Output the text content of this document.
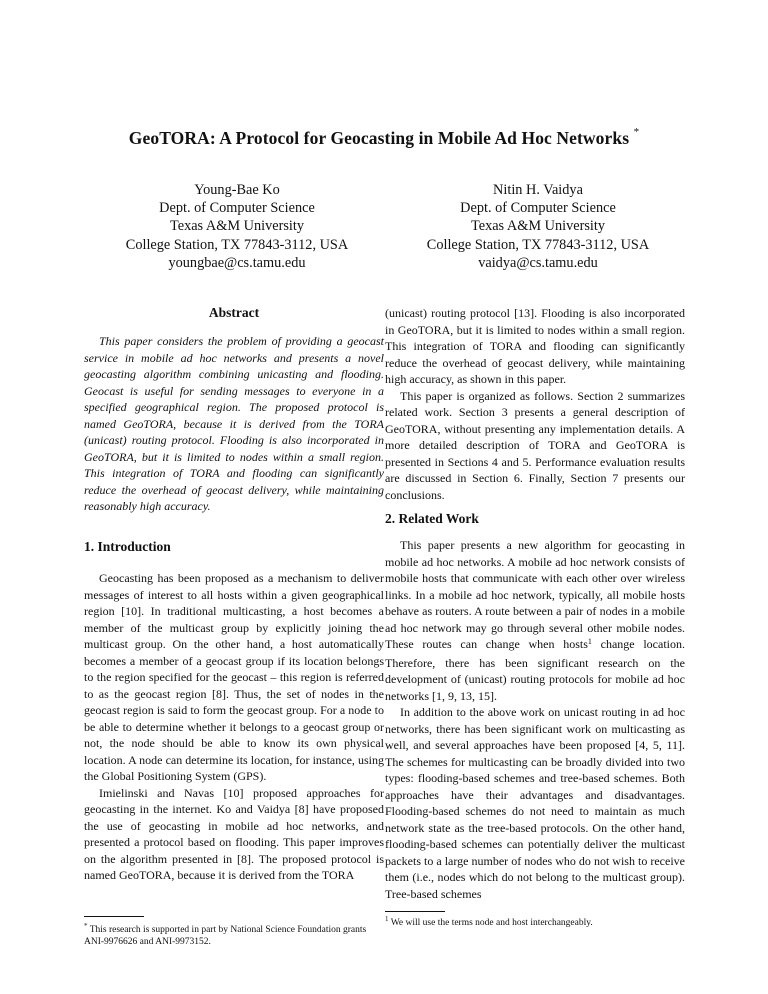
GeoTORA: A Protocol for Geocasting in Mobile Ad Hoc Networks *
Young-Bae Ko
Dept. of Computer Science
Texas A&M University
College Station, TX 77843-3112, USA
youngbae@cs.tamu.edu
Nitin H. Vaidya
Dept. of Computer Science
Texas A&M University
College Station, TX 77843-3112, USA
vaidya@cs.tamu.edu
Abstract

This paper considers the problem of providing a geocast service in mobile ad hoc networks and presents a novel geocasting algorithm combining unicasting and flooding. Geocast is useful for sending messages to everyone in a specified geographical region. The proposed protocol is named GeoTORA, because it is derived from the TORA (unicast) routing protocol. Flooding is also incorporated in GeoTORA, but it is limited to nodes within a small region. This integration of TORA and flooding can significantly reduce the overhead of geocast delivery, while maintaining reasonably high accuracy.

(unicast) routing protocol [13]. Flooding is also incorporated in GeoTORA, but it is limited to nodes within a small region. This integration of TORA and flooding can significantly reduce the overhead of geocast delivery, while maintaining high accuracy, as shown in this paper.

This paper is organized as follows. Section 2 summarizes related work. Section 3 presents a general description of GeoTORA, without presenting any implementation details. A more detailed description of TORA and GeoTORA is presented in Sections 4 and 5. Performance evaluation results are discussed in Section 6. Finally, Section 7 presents our conclusions.

2. Related Work
1. Introduction

Geocasting has been proposed as a mechanism to deliver messages of interest to all hosts within a given geographical region [10]. In traditional multicasting, a host becomes a member of the multicast group by explicitly joining the multicast group. On the other hand, a host automatically becomes a member of a geocast group if its location belongs to the region specified for the geocast – this region is referred to as the geocast region [8]. Thus, the set of nodes in the geocast region is said to form the geocast group. For a node to be able to determine whether it belongs to a geocast group or not, the node should be able to know its own physical location. A node can determine its location, for instance, using the Global Positioning System (GPS).

Imielinski and Navas [10] proposed approaches for geocasting in the internet. Ko and Vaidya [8] have proposed the use of geocasting in mobile ad hoc networks, and presented a protocol based on flooding. This paper improves on the algorithm presented in [8]. The proposed protocol is named GeoTORA, because it is derived from the TORA

This paper presents a new algorithm for geocasting in mobile ad hoc networks. A mobile ad hoc network consists of mobile hosts that communicate with each other over wireless links. In a mobile ad hoc network, typically, all mobile hosts behave as routers. A route between a pair of nodes in a mobile ad hoc network may go through several other mobile nodes. These routes can change when hosts$^1$ change location. Therefore, there has been significant research on the development of (unicast) routing protocols for mobile ad hoc networks [1, 9, 13, 15].

In addition to the above work on unicast routing in ad hoc networks, there has been significant work on multicasting as well, and several approaches have been proposed [4, 5, 11]. The schemes for multicasting can be broadly divided into two types: flooding-based schemes and tree-based schemes. Both approaches have their advantages and disadvantages. Flooding-based schemes do not need to maintain as much network state as the tree-based protocols. On the other hand, flooding-based schemes can potentially deliver the multicast packets to a large number of nodes who do not wish to receive them (i.e., nodes which do not belong to the multicast group). Tree-based schemes

* This research is supported in part by National Science Foundation grants ANI-9976626 and ANI-9973152.
$^1$ We will use the terms node and host interchangeably.
